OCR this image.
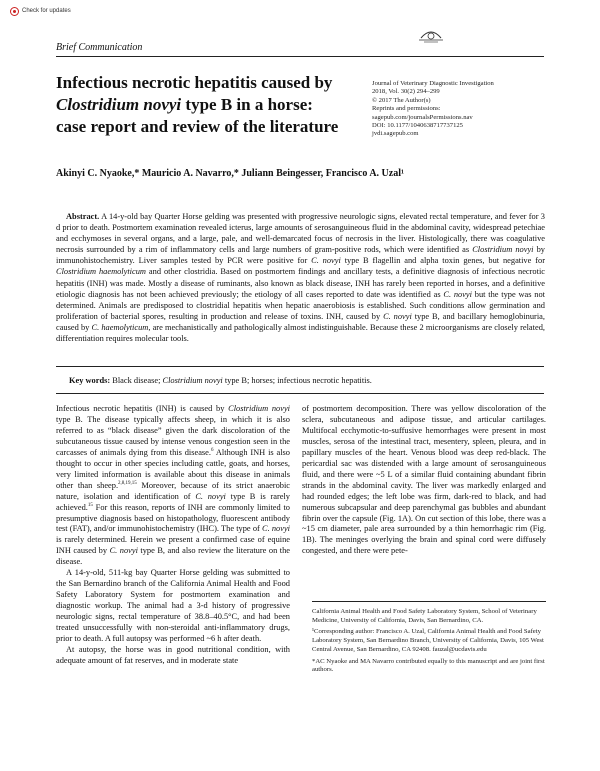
Check for updates
Brief Communication
Journal of Veterinary Diagnostic Investigation
2018, Vol. 30(2) 294–299
© 2017 The Author(s)
Reprints and permissions:
sagepub.com/journalsPermissions.nav
DOI: 10.1177/1040638717737125
jvdi.sagepub.com
Infectious necrotic hepatitis caused by
Clostridium novyi type B in a horse:
case report and review of the literature
Akinyi C. Nyaoke,* Mauricio A. Navarro,* Juliann Beingesser, Francisco A. Uzal¹
Abstract. A 14-y-old bay Quarter Horse gelding was presented with progressive neurologic signs, elevated rectal temperature, and fever for 3 d prior to death. Postmortem examination revealed icterus, large amounts of serosanguineous fluid in the abdominal cavity, widespread petechiae and ecchymoses in several organs, and a large, pale, and well-demarcated focus of necrosis in the liver. Histologically, there was coagulative necrosis surrounded by a rim of inflammatory cells and large numbers of gram-positive rods, which were identified as Clostridium novyi by immunohistochemistry. Liver samples tested by PCR were positive for C. novyi type B flagellin and alpha toxin genes, but negative for Clostridium haemolyticum and other clostridia. Based on postmortem findings and ancillary tests, a definitive diagnosis of infectious necrotic hepatitis (INH) was made. Mostly a disease of ruminants, also known as black disease, INH has rarely been reported in horses, and a definitive etiologic diagnosis has not been achieved previously; the etiology of all cases reported to date was identified as C. novyi but the type was not determined. Animals are predisposed to clostridial hepatitis when hepatic anaerobiosis is established. Such conditions allow germination and proliferation of bacterial spores, resulting in production and release of toxins. INH, caused by C. novyi type B, and bacillary hemoglobinuria, caused by C. haemolyticum, are mechanistically and pathologically almost indistinguishable. Because these 2 microorganisms are closely related, differentiation requires molecular tools.
Key words: Black disease; Clostridium novyi type B; horses; infectious necrotic hepatitis.

Infectious necrotic hepatitis (INH) is caused by Clostridium novyi type B. The disease typically affects sheep, in which it is also referred to as “black disease” given the dark discoloration of the subcutaneous tissue caused by intense venous congestion seen in the carcasses of animals dying from this disease.$^6$ Although INH is also thought to occur in other species including cattle, goats, and horses, very limited information is available about this disease in animals other than sheep.$^{2,8,19,15}$ Moreover, because of its strict anaerobic nature, isolation and identification of C. novyi type B is rarely achieved.$^{15}$ For this reason, reports of INH are commonly limited to presumptive diagnosis based on histopathology, fluorescent antibody test (FAT), and/or immunohistochemistry (IHC). The type of C. novyi is rarely determined. Herein we present a confirmed case of equine INH caused by C. novyi type B, and also review the literature on the disease.

A 14-y-old, 511-kg bay Quarter Horse gelding was submitted to the San Bernardino branch of the California Animal Health and Food Safety Laboratory System for postmortem examination and diagnostic workup. The animal had a 3-d history of progressive neurologic signs, rectal temperature of 38.8–40.5°C, and had been treated unsuccessfully with non-steroidal anti-inflammatory drugs, prior to death. A full autopsy was performed ~6 h after death.

At autopsy, the horse was in good nutritional condition, with adequate amount of fat reserves, and in moderate state

of postmortem decomposition. There was yellow discoloration of the sclera, subcutaneous and adipose tissue, and articular cartilages. Multifocal ecchymotic-to-suffusive hemorrhages were present in most muscles, serosa of the intestinal tract, mesentery, spleen, pleura, and in papillary muscles of the heart. Venous blood was deep red-black. The pericardial sac was distended with a large amount of serosanguineous fluid, and there were ~5 L of a similar fluid containing abundant fibrin strands in the abdominal cavity. The liver was markedly enlarged and had rounded edges; the left lobe was firm, dark-red to black, and had numerous subcapsular and deep parenchymal gas bubbles and abundant fibrin over the capsule (Fig. 1A). On cut section of this lobe, there was a ~15 cm diameter, pale area surrounded by a thin hemorrhagic rim (Fig. 1B). The meninges overlying the brain and spinal cord were diffusely congested, and there were pete-

California Animal Health and Food Safety Laboratory System, School of Veterinary Medicine, University of California, Davis, San Bernardino, CA.

¹Corresponding author: Francisco A. Uzal, California Animal Health and Food Safety Laboratory System, San Bernardino Branch, University of California, Davis, 105 West Central Avenue, San Bernardino, CA 92408. fauzal@ucdavis.edu

*AC Nyaoke and MA Navarro contributed equally to this manuscript and are joint first authors.
